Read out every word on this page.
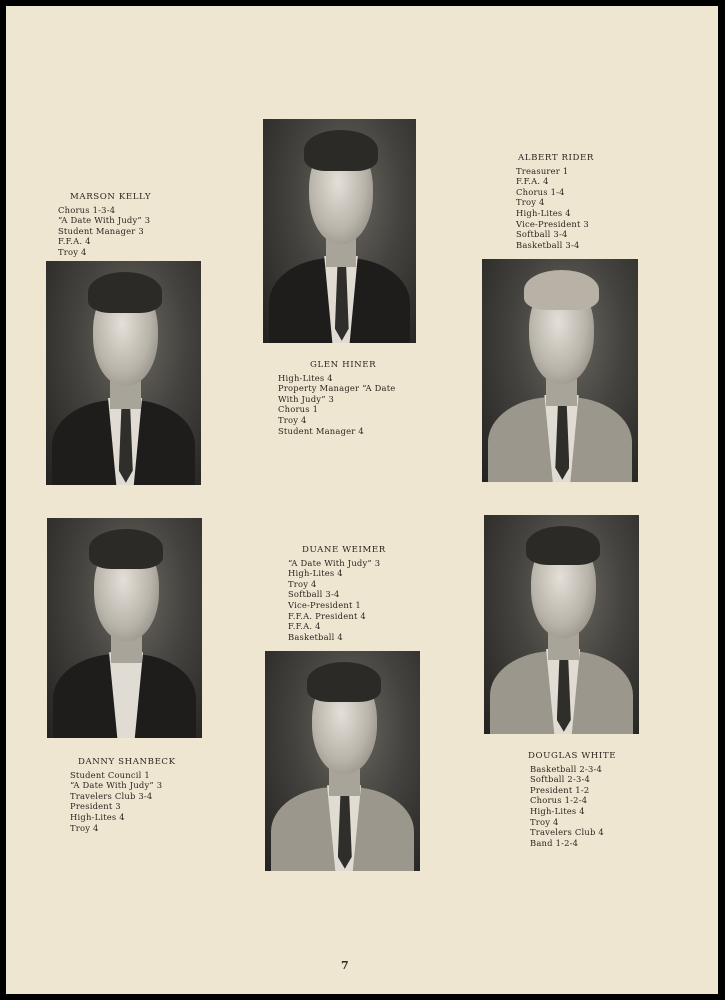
MARSON KELLY
Chorus 1-3-4
“A Date With Judy” 3
Student Manager 3
F.F.A. 4
Troy 4
GLEN HINER
High-Lites 4
Property Manager “A Date
With Judy” 3
Chorus 1
Troy 4
Student Manager 4
ALBERT RIDER
Treasurer 1
F.F.A. 4
Chorus 1-4
Troy 4
High-Lites 4
Vice-President 3
Softball 3-4
Basketball 3-4
DUANE WEIMER
“A Date With Judy” 3
High-Lites 4
Troy 4
Softball 3-4
Vice-President 1
F.F.A. President 4
F.F.A. 4
Basketball 4
DANNY SHANBECK
Student Council 1
“A Date With Judy” 3
Travelers Club 3-4
President 3
High-Lites 4
Troy 4
DOUGLAS WHITE
Basketball 2-3-4
Softball 2-3-4
President 1-2
Chorus 1-2-4
High-Lites 4
Troy 4
Travelers Club 4
Band 1-2-4
7
